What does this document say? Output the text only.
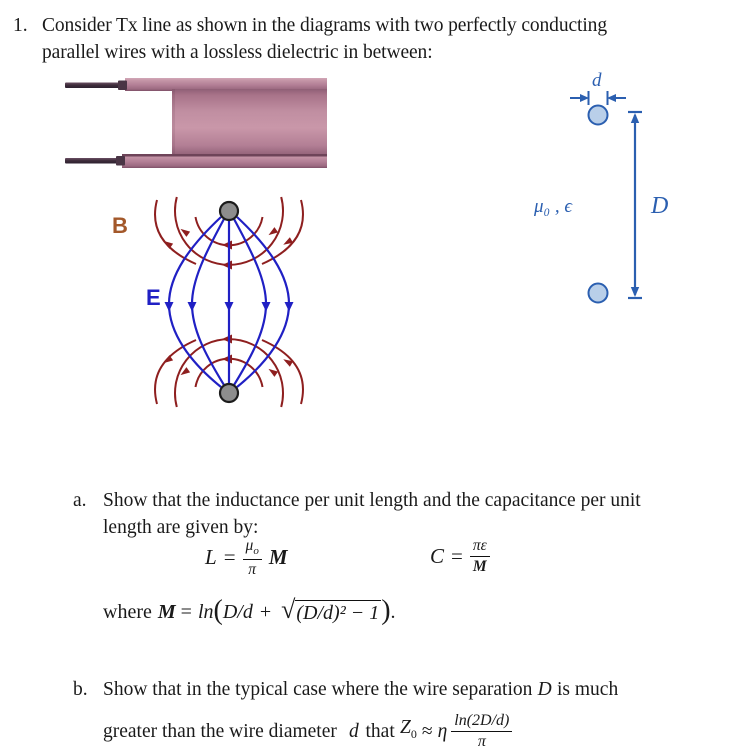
1. Consider Tx line as shown in the diagrams with two perfectly conducting
parallel wires with a lossless dielectric in between:
B
E
d
μ₀ , ϵ	D
a. Show that the inductance per unit length and the capacitance per unit
length are given by:
$L = \frac{\mu_o}{\pi}$ M	$C = \frac{\pi\varepsilon}{M}$
where M = ln ( D/d + √ (D/d)² − 1 ) .
b. Show that in the typical case where the wire separation D is much
greater than the wire diameter d that $Z_0 \approx \eta \frac{\ln(2D/d)}{\pi}$
